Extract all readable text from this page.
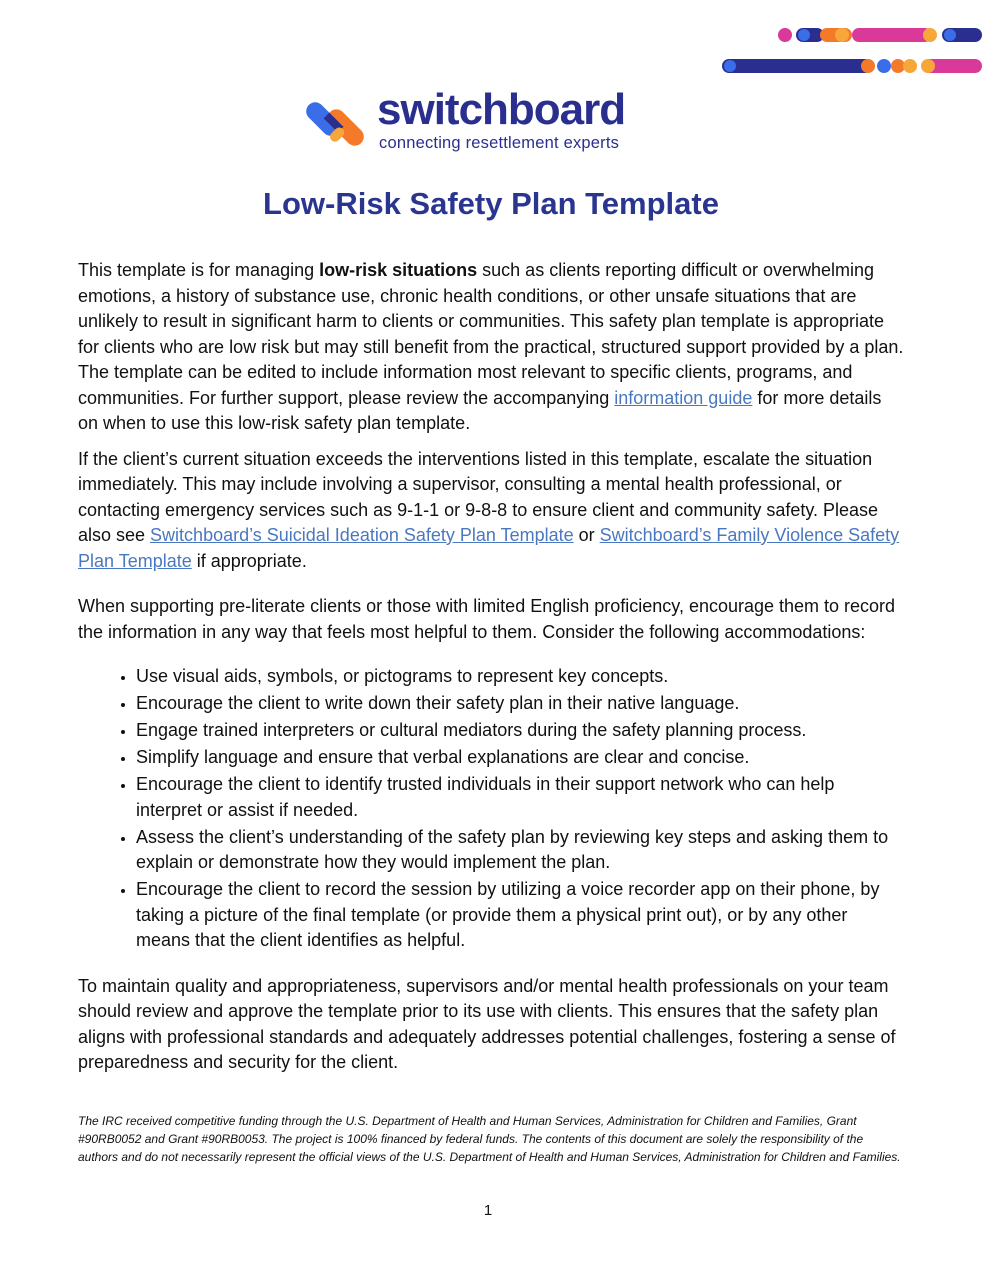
switchboard
connecting resettlement experts
Low-Risk Safety Plan Template

This template is for managing low-risk situations such as clients reporting difficult or overwhelming emotions, a history of substance use, chronic health conditions, or other unsafe situations that are unlikely to result in significant harm to clients or communities. This safety plan template is appropriate for clients who are low risk but may still benefit from the practical, structured support provided by a plan. The template can be edited to include information most relevant to specific clients, programs, and communities. For further support, please review the accompanying information guide for more details on when to use this low-risk safety plan template.

If the client’s current situation exceeds the interventions listed in this template, escalate the situation immediately. This may include involving a supervisor, consulting a mental health professional, or contacting emergency services such as 9-1-1 or 9-8-8 to ensure client and community safety. Please also see Switchboard’s Suicidal Ideation Safety Plan Template or Switchboard’s Family Violence Safety Plan Template if appropriate.

When supporting pre-literate clients or those with limited English proficiency, encourage them to record the information in any way that feels most helpful to them. Consider the following accommodations:

• Use visual aids, symbols, or pictograms to represent key concepts.
• Encourage the client to write down their safety plan in their native language.
• Engage trained interpreters or cultural mediators during the safety planning process.
• Simplify language and ensure that verbal explanations are clear and concise.
• Encourage the client to identify trusted individuals in their support network who can help interpret or assist if needed.
• Assess the client’s understanding of the safety plan by reviewing key steps and asking them to explain or demonstrate how they would implement the plan.
• Encourage the client to record the session by utilizing a voice recorder app on their phone, by taking a picture of the final template (or provide them a physical print out), or by any other means that the client identifies as helpful.

To maintain quality and appropriateness, supervisors and/or mental health professionals on your team should review and approve the template prior to its use with clients. This ensures that the safety plan aligns with professional standards and adequately addresses potential challenges, fostering a sense of preparedness and security for the client.

The IRC received competitive funding through the U.S. Department of Health and Human Services, Administration for Children and Families, Grant #90RB0052 and Grant #90RB0053. The project is 100% financed by federal funds. The contents of this document are solely the responsibility of the authors and do not necessarily represent the official views of the U.S. Department of Health and Human Services, Administration for Children and Families.
1
